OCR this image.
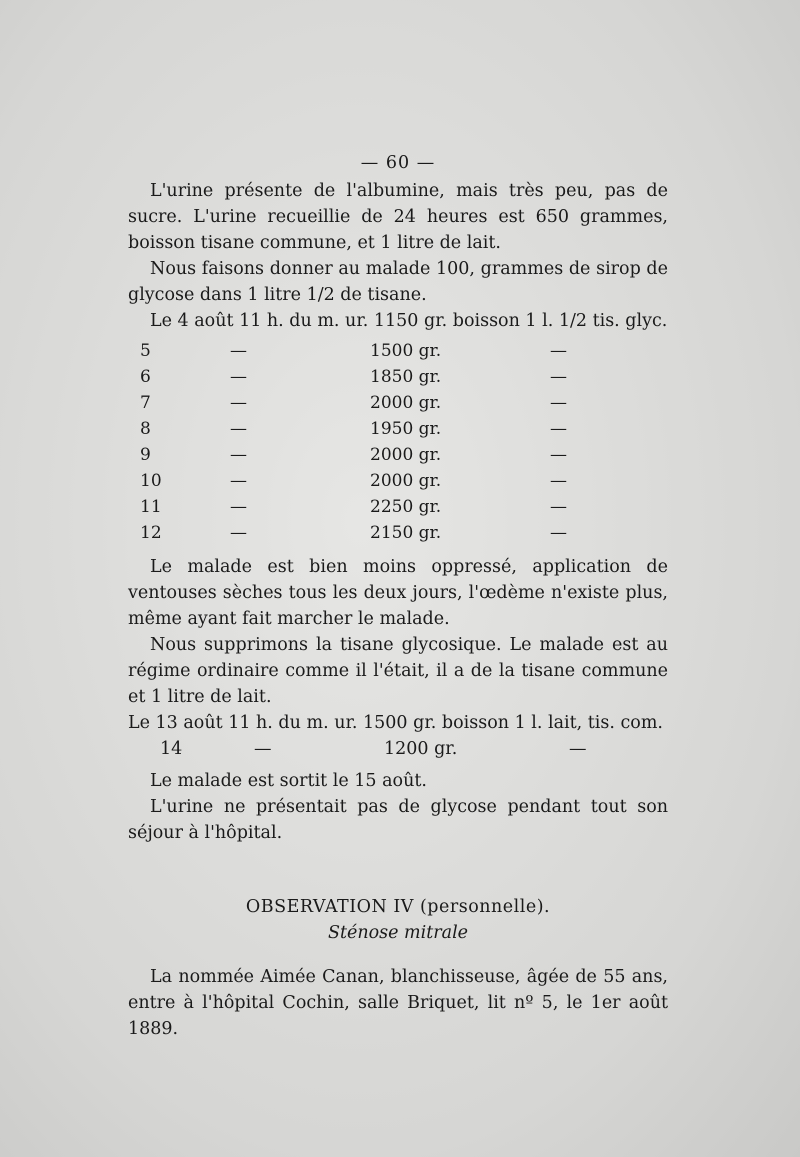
— 60 —

L'urine présente de l'albumine, mais très peu, pas de sucre. L'urine recueillie de 24 heures est 650 grammes, boisson tisane commune, et 1 litre de lait.

Nous faisons donner au malade 100, grammes de sirop de glycose dans 1 litre 1/2 de tisane.

Le 4 août 11 h. du m. ur. 1150 gr. boisson 1 l. 1/2 tis. glyc.
5	—	1500 gr.	—
6	—	1850 gr.	—
7	—	2000 gr.	—
8	—	1950 gr.	—
9	—	2000 gr.	—
10	—	2000 gr.	—
11	—	2250 gr.	—
12	—	2150 gr.	—

Le malade est bien moins oppressé, application de ventouses sèches tous les deux jours, l'œdème n'existe plus, même ayant fait marcher le malade.

Nous supprimons la tisane glycosique. Le malade est au régime ordinaire comme il l'était, il a de la tisane commune et 1 litre de lait.

Le 13 août 11 h. du m. ur. 1500 gr. boisson 1 l. lait, tis. com.
14	—	1200 gr.	—

Le malade est sortit le 15 août.

L'urine ne présentait pas de glycose pendant tout son séjour à l'hôpital.

OBSERVATION IV (personnelle).
Sténose mitrale

La nommée Aimée Canan, blanchisseuse, âgée de 55 ans, entre à l'hôpital Cochin, salle Briquet, lit nº 5, le 1er août 1889.
